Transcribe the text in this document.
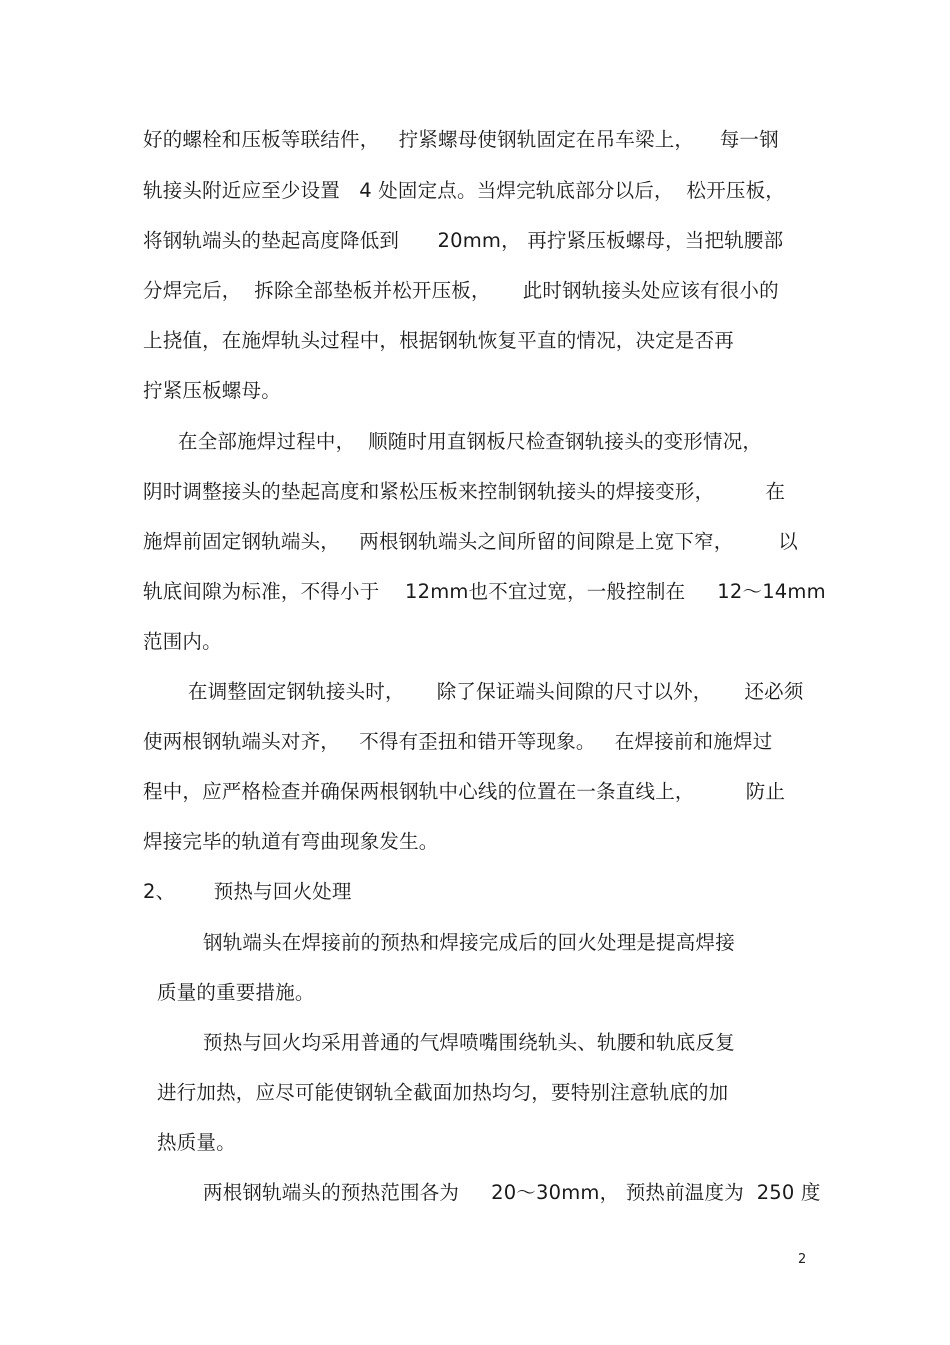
好的螺栓和压板等联结件，   拧紧螺母使钢轨固定在吊车梁上，    每一钢
轨接头附近应至少设置   4 处固定点。当焊完轨底部分以后，  松开压板，
将钢轨端头的垫起高度降低到      20mm， 再拧紧压板螺母，当把轨腰部
分焊完后，  拆除全部垫板并松开压板，     此时钢轨接头处应该有很小的
上挠值，在施焊轨头过程中，根据钢轨恢复平直的情况，决定是否再
拧紧压板螺母。
在全部施焊过程中，  顺随时用直钢板尺检查钢轨接头的变形情况，
阴时调整接头的垫起高度和紧松压板来控制钢轨接头的焊接变形，        在
施焊前固定钢轨端头，   两根钢轨端头之间所留的间隙是上宽下窄，       以
轨底间隙为标准，不得小于    12mm也不宜过宽，一般控制在     12～14mm
范围内。
在调整固定钢轨接头时，     除了保证端头间隙的尺寸以外，     还必须
使两根钢轨端头对齐，   不得有歪扭和错开等现象。   在焊接前和施焊过
程中，应严格检查并确保两根钢轨中心线的位置在一条直线上，        防止
焊接完毕的轨道有弯曲现象发生。
2、      预热与回火处理
钢轨端头在焊接前的预热和焊接完成后的回火处理是提高焊接
质量的重要措施。
预热与回火均采用普通的气焊喷嘴围绕轨头、轨腰和轨底反复
进行加热，应尽可能使钢轨全截面加热均匀，要特别注意轨底的加
热质量。
两根钢轨端头的预热范围各为     20～30mm， 预热前温度为  250 度
2
